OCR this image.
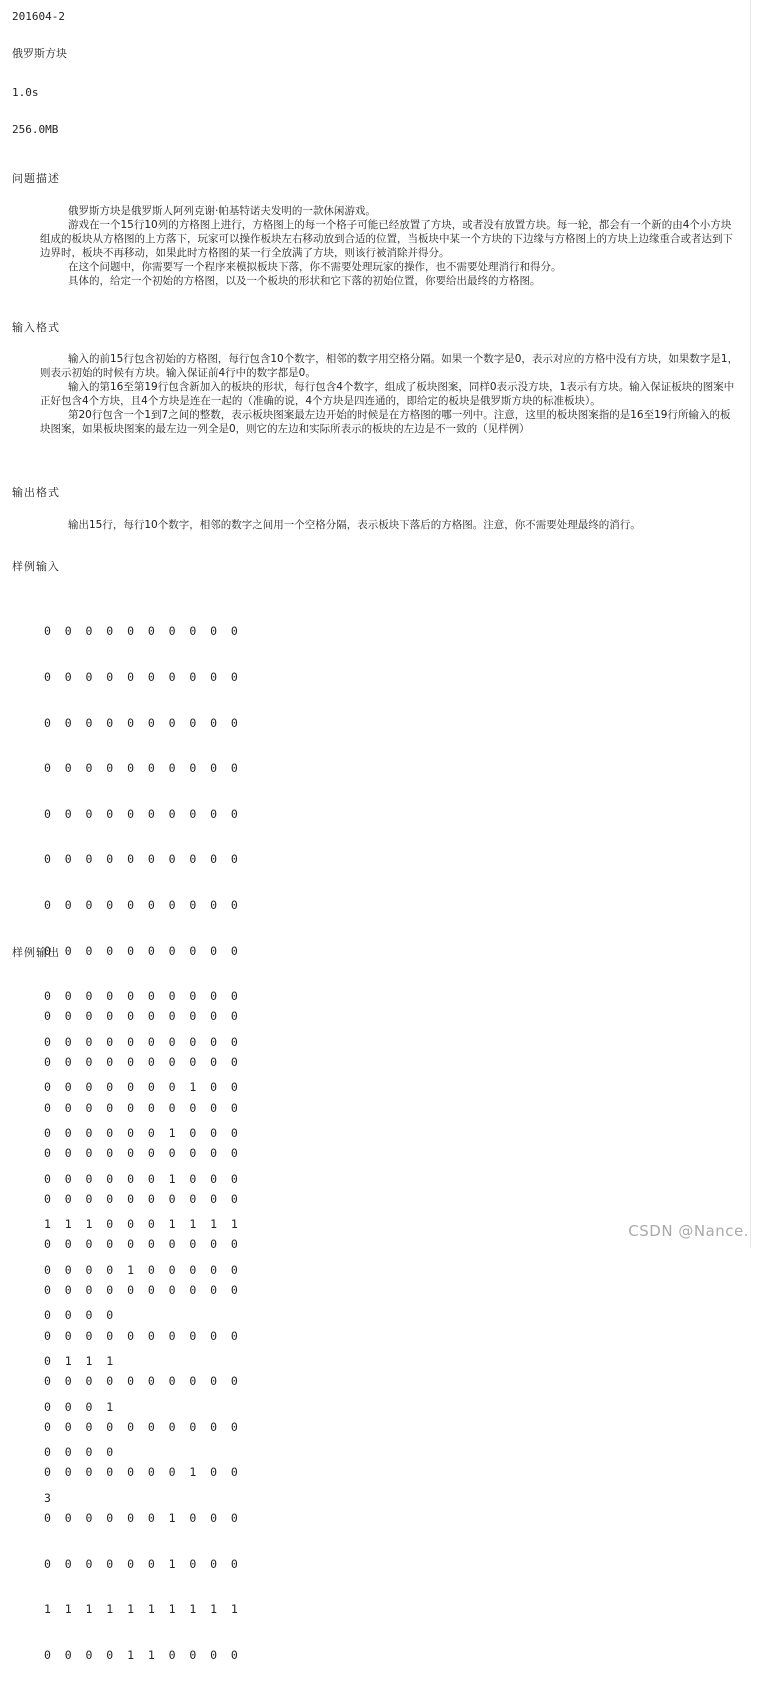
201604-2
俄罗斯方块
1.0s
256.0MB
问题描述

俄罗斯方块是俄罗斯人阿列克谢·帕基特诺夫发明的一款休闲游戏。

游戏在一个15行10列的方格图上进行，方格图上的每一个格子可能已经放置了方块，或者没有放置方块。每一轮，都会有一个新的由4个小方块组成的板块从方格图的上方落下，玩家可以操作板块左右移动放到合适的位置，当板块中某一个方块的下边缘与方格图上的方块上边缘重合或者达到下边界时，板块不再移动，如果此时方格图的某一行全放满了方块，则该行被消除并得分。

在这个问题中，你需要写一个程序来模拟板块下落，你不需要处理玩家的操作，也不需要处理消行和得分。

具体的，给定一个初始的方格图，以及一个板块的形状和它下落的初始位置，你要给出最终的方格图。

输入格式

输入的前15行包含初始的方格图，每行包含10个数字，相邻的数字用空格分隔。如果一个数字是0，表示对应的方格中没有方块，如果数字是1，则表示初始的时候有方块。输入保证前4行中的数字都是0。

输入的第16至第19行包含新加入的板块的形状，每行包含4个数字，组成了板块图案，同样0表示没方块，1表示有方块。输入保证板块的图案中正好包含4个方块，且4个方块是连在一起的（准确的说，4个方块是四连通的，即给定的板块是俄罗斯方块的标准板块）。

第20行包含一个1到7之间的整数，表示板块图案最左边开始的时候是在方格图的哪一列中。注意，这里的板块图案指的是16至19行所输入的板块图案，如果板块图案的最左边一列全是0，则它的左边和实际所表示的板块的左边是不一致的（见样例）

输出格式

输出15行，每行10个数字，相邻的数字之间用一个空格分隔，表示板块下落后的方格图。注意，你不需要处理最终的消行。

样例输入

0  0  0  0  0  0  0  0  0  0

0  0  0  0  0  0  0  0  0  0

0  0  0  0  0  0  0  0  0  0

0  0  0  0  0  0  0  0  0  0

0  0  0  0  0  0  0  0  0  0

0  0  0  0  0  0  0  0  0  0

0  0  0  0  0  0  0  0  0  0

0  0  0  0  0  0  0  0  0  0

0  0  0  0  0  0  0  0  0  0

0  0  0  0  0  0  0  0  0  0

0  0  0  0  0  0  0  1  0  0

0  0  0  0  0  0  1  0  0  0

0  0  0  0  0  0  1  0  0  0

1  1  1  0  0  0  1  1  1  1

0  0  0  0  1  0  0  0  0  0

0  0  0  0

0  1  1  1

0  0  0  1

0  0  0  0

3

样例输出

0  0  0  0  0  0  0  0  0  0

0  0  0  0  0  0  0  0  0  0

0  0  0  0  0  0  0  0  0  0

0  0  0  0  0  0  0  0  0  0

0  0  0  0  0  0  0  0  0  0

0  0  0  0  0  0  0  0  0  0

0  0  0  0  0  0  0  0  0  0

0  0  0  0  0  0  0  0  0  0

0  0  0  0  0  0  0  0  0  0

0  0  0  0  0  0  0  0  0  0

0  0  0  0  0  0  0  1  0  0

0  0  0  0  0  0  1  0  0  0

0  0  0  0  0  0  1  0  0  0

1  1  1  1  1  1  1  1  1  1

0  0  0  0  1  1  0  0  0  0

CSDN @Nance.
